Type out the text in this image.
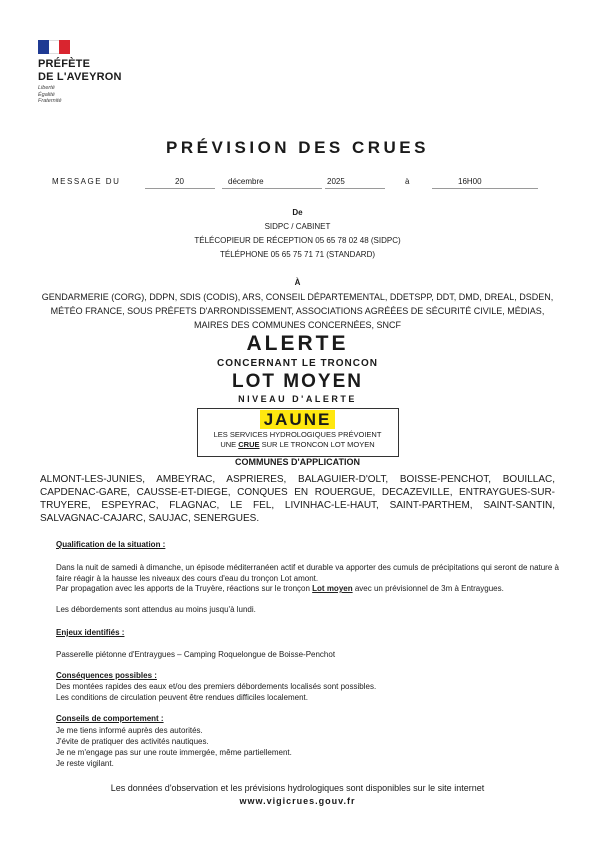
PRÉFÈTE
DE L'AVEYRON
Liberté
Égalité
Fraternité
PRÉVISION DES CRUES
MESSAGE DU	20	décembre	2025	à	16H00
De
SIDPC / CABINET
TÉLÉCOPIEUR DE RÉCEPTION 05 65 78 02 48 (SIDPC)
TÉLÉPHONE 05 65 75 71 71 (STANDARD)
À
GENDARMERIE (CORG), DDPN, SDIS (CODIS), ARS, CONSEIL DÉPARTEMENTAL, DDETSPP, DDT, DMD, DREAL, DSDEN, MÉTÉO FRANCE, SOUS PRÉFETS D'ARRONDISSEMENT, ASSOCIATIONS AGRÉÉES DE SÉCURITÉ CIVILE, MÉDIAS, MAIRES DES COMMUNES CONCERNÉES, SNCF
ALERTE
CONCERNANT LE TRONCON
LOT MOYEN
NIVEAU D'ALERTE
JAUNE
LES SERVICES HYDROLOGIQUES PRÉVOIENT
UNE CRUE SUR LE TRONCON LOT MOYEN
COMMUNES D'APPLICATION
ALMONT-LES-JUNIES, AMBEYRAC, ASPRIERES, BALAGUIER-D'OLT, BOISSE-PENCHOT, BOUILLAC, CAPDENAC-GARE, CAUSSE-ET-DIEGE, CONQUES EN ROUERGUE, DECAZEVILLE, ENTRAYGUES-SUR-TRUYERE, ESPEYRAC, FLAGNAC, LE FEL, LIVINHAC-LE-HAUT, SAINT-PARTHEM, SAINT-SANTIN, SALVAGNAC-CAJARC, SAUJAC, SENERGUES.
Qualification de la situation :
Dans la nuit de samedi à dimanche, un épisode méditerranéen actif et durable va apporter des cumuls de précipitations qui seront de nature à faire réagir à la hausse les niveaux des cours d'eau du tronçon Lot amont.
Par propagation avec les apports de la Truyère, réactions sur le tronçon Lot moyen avec un prévisionnel de 3m à Entraygues.
Les débordements sont attendus au moins jusqu'à lundi.
Enjeux identifiés :
Passerelle piétonne d'Entraygues – Camping Roquelongue de Boisse-Penchot
Conséquences possibles :
Des montées rapides des eaux et/ou des premiers débordements localisés sont possibles.
Les conditions de circulation peuvent être rendues difficiles localement.
Conseils de comportement :
Je me tiens informé auprès des autorités.
J'évite de pratiquer des activités nautiques.
Je ne m'engage pas sur une route immergée, même partiellement.
Je reste vigilant.
Les données d'observation et les prévisions hydrologiques sont disponibles sur le site internet
www.vigicrues.gouv.fr
